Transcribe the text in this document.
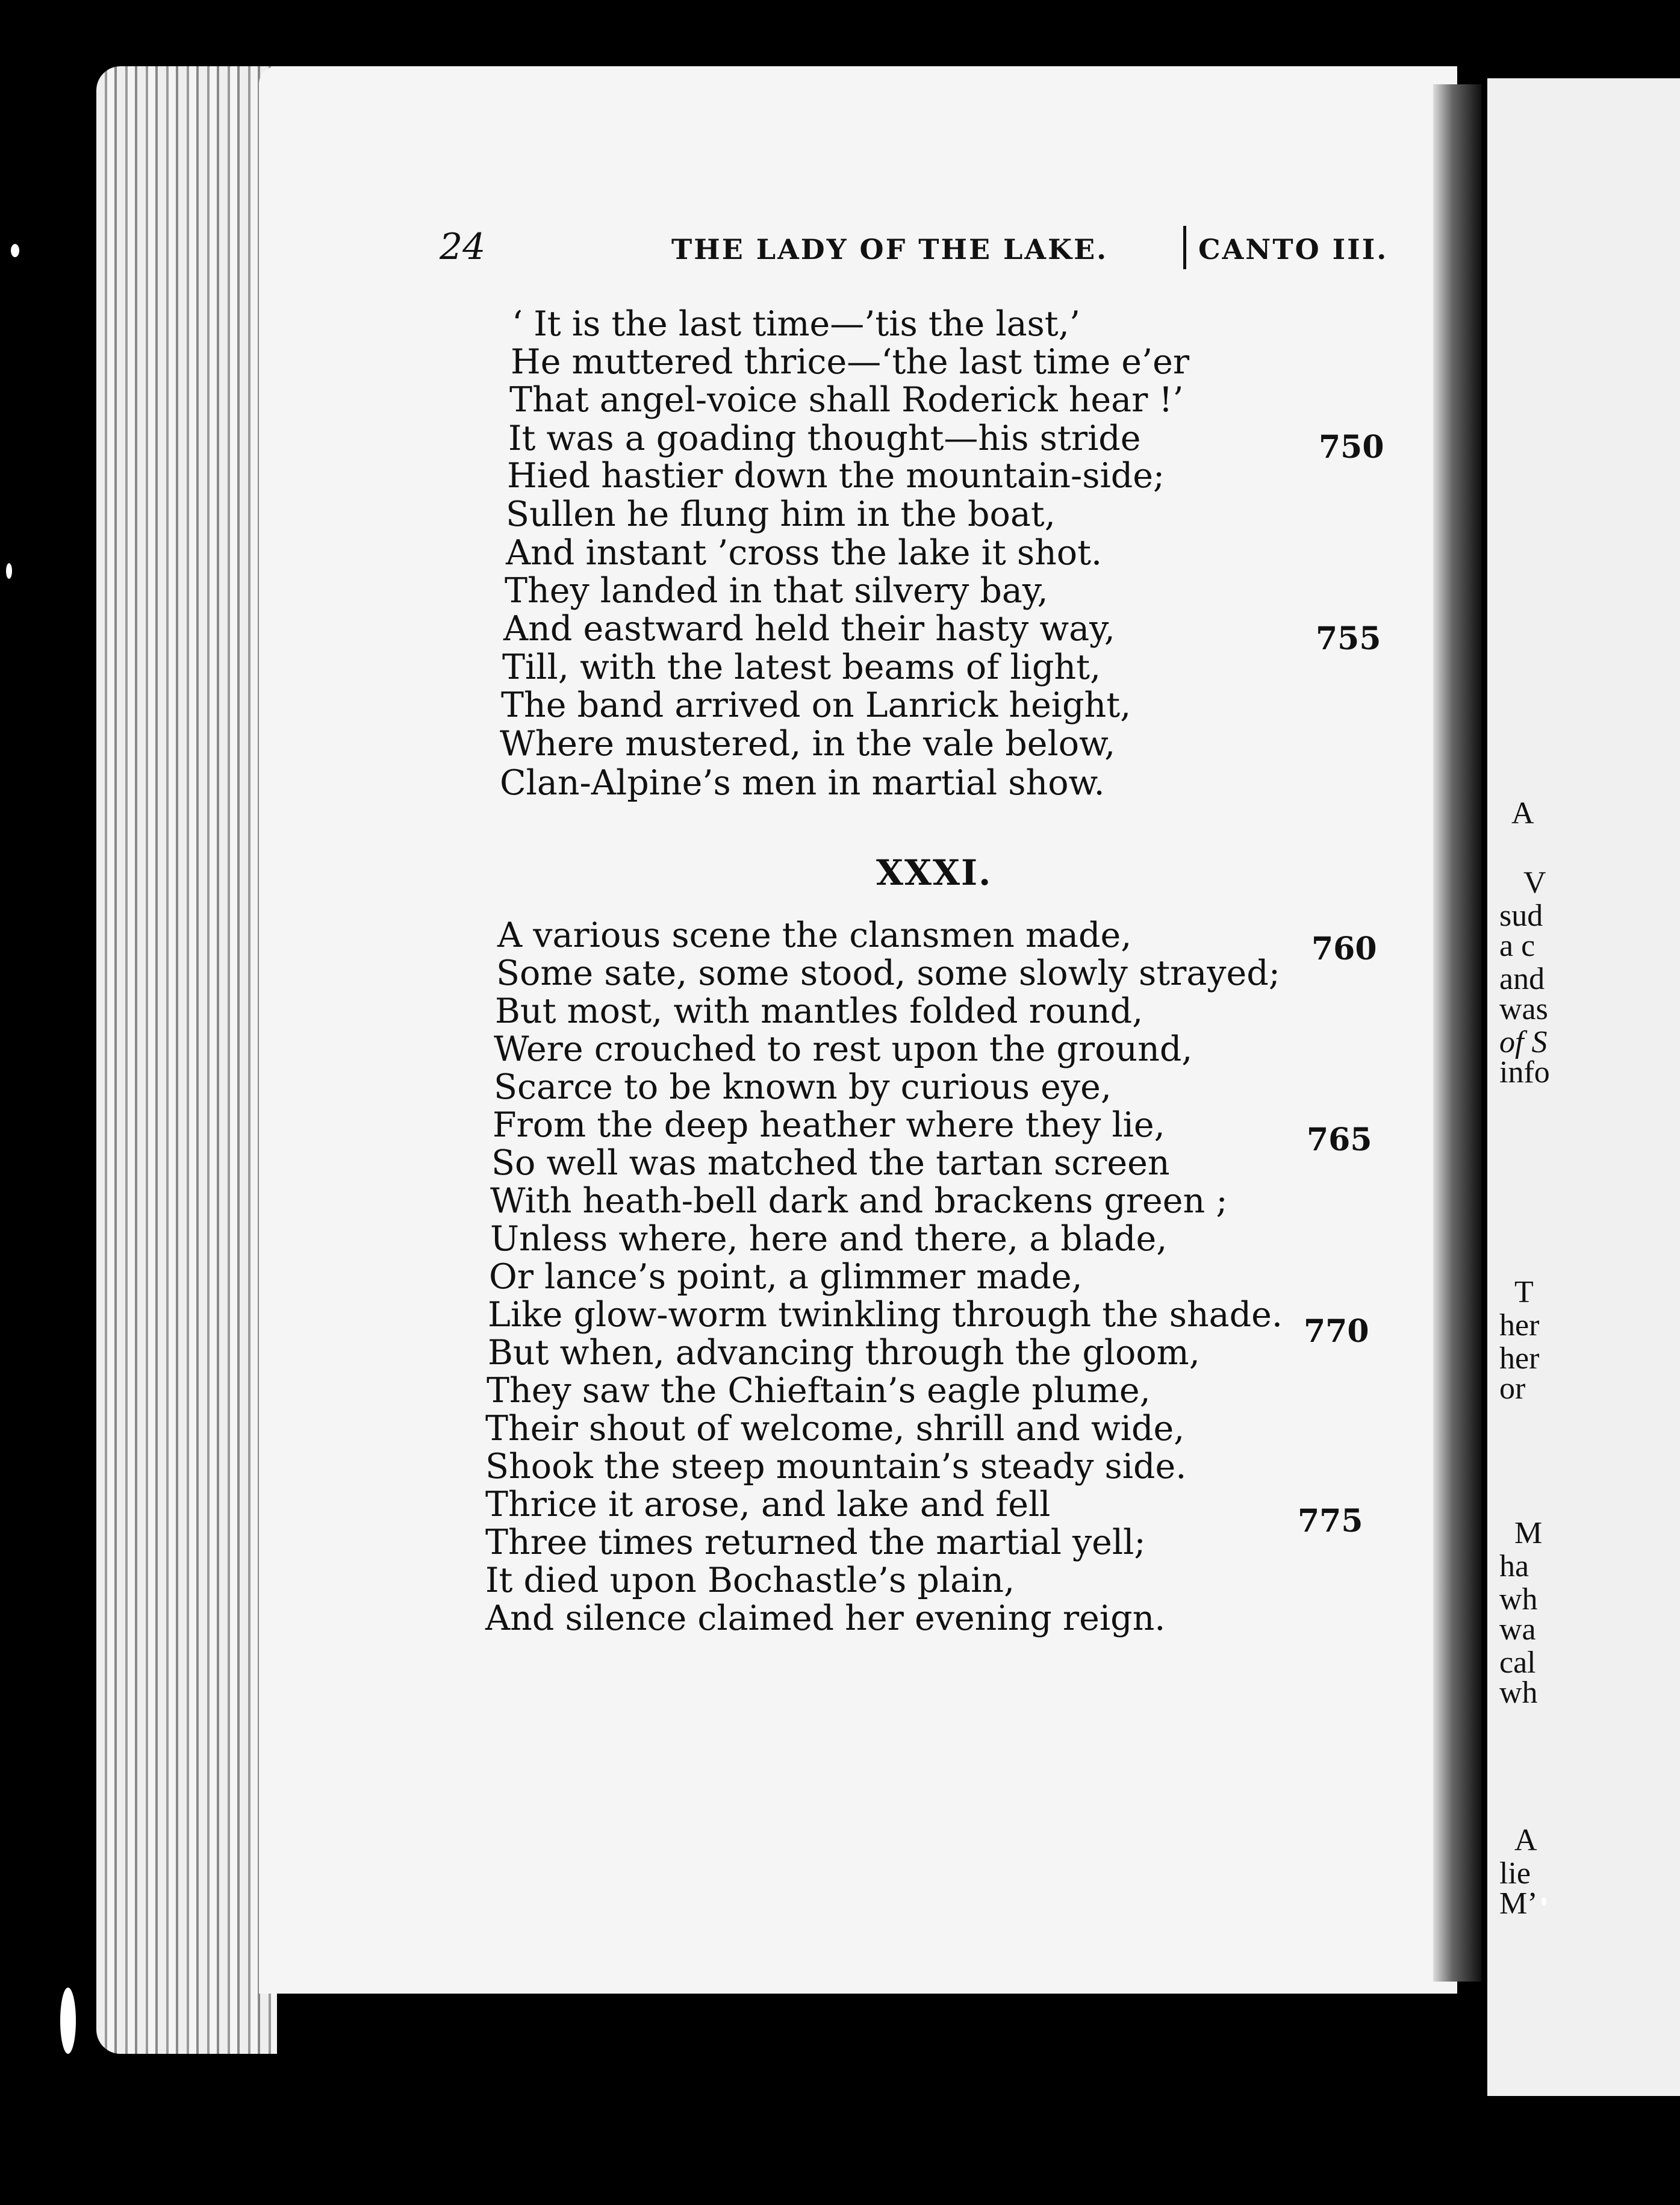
A
V
sud
a c
and
was
of S
info
T
her
her
or
M
ha
wh
wa
cal
wh
A
lie
M’
24	THE LADY OF THE LAKE.	CANTO III.
‘ It is the last time—’tis the last,’
He muttered thrice—‘the last time e’er
That angel-voice shall Roderick hear !’
It was a goading thought—his stride
Hied hastier down the mountain-side;
Sullen he flung him in the boat,
And instant ’cross the lake it shot.
They landed in that silvery bay,
And eastward held their hasty way,
Till, with the latest beams of light,
The band arrived on Lanrick height,
Where mustered, in the vale below,
Clan-Alpine’s men in martial show.
750
755
XXXI.
A various scene the clansmen made,
Some sate, some stood, some slowly strayed;
But most, with mantles folded round,
Were crouched to rest upon the ground,
Scarce to be known by curious eye,
From the deep heather where they lie,
So well was matched the tartan screen
With heath-bell dark and brackens green ;
Unless where, here and there, a blade,
Or lance’s point, a glimmer made,
Like glow-worm twinkling through the shade.
But when, advancing through the gloom,
They saw the Chieftain’s eagle plume,
Their shout of welcome, shrill and wide,
Shook the steep mountain’s steady side.
Thrice it arose, and lake and fell
Three times returned the martial yell;
It died upon Bochastle’s plain,
And silence claimed her evening reign.
760
765
770
775
